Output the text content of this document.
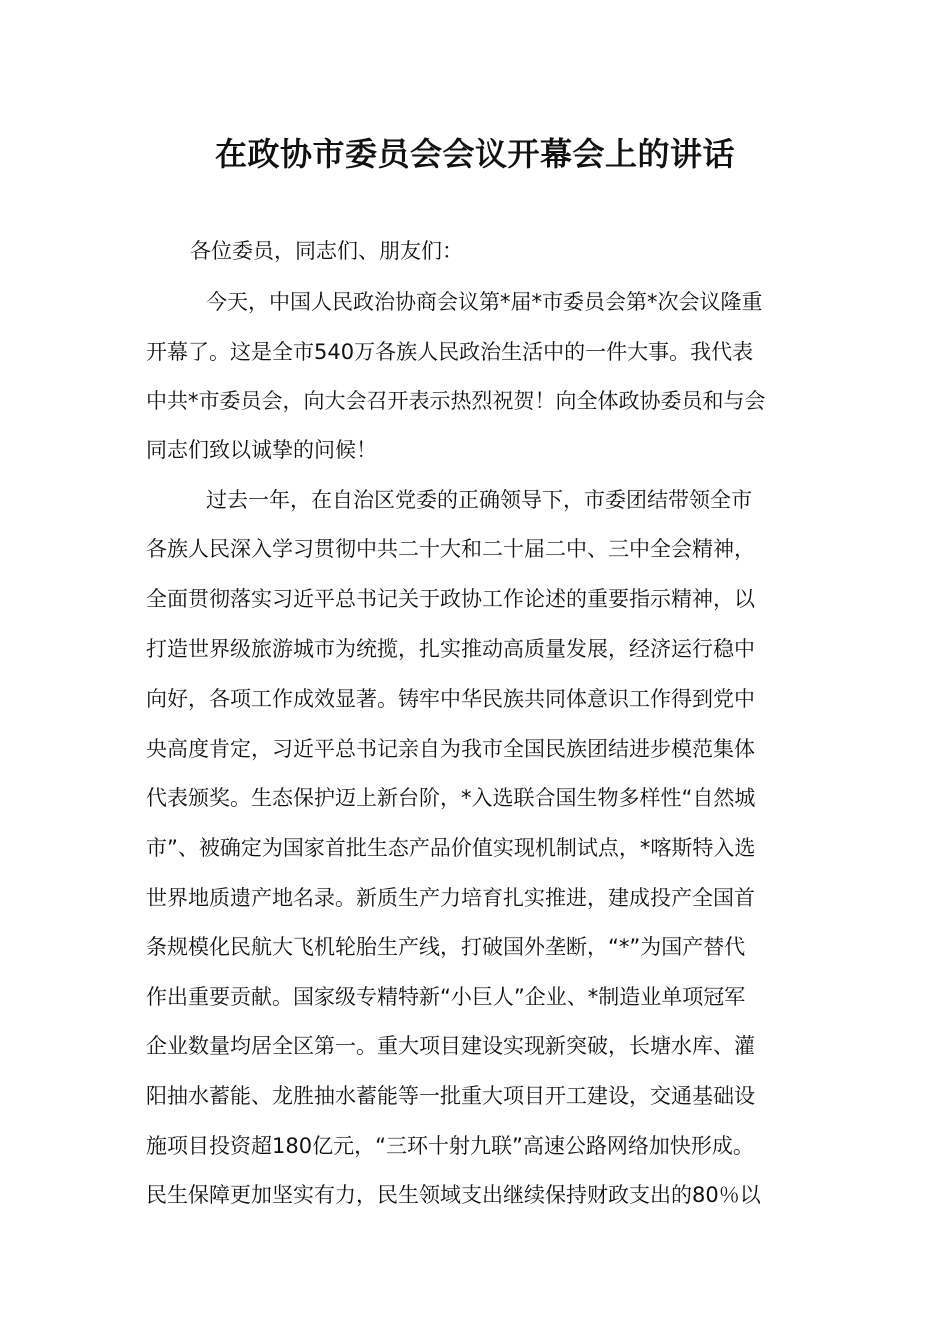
在政协市委员会会议开幕会上的讲话

各位委员，同志们、朋友们：

今天，中国人民政治协商会议第*届*市委员会第*次会议隆重

开幕了。这是全市540万各族人民政治生活中的一件大事。我代表

中共*市委员会，向大会召开表示热烈祝贺！向全体政协委员和与会

同志们致以诚挚的问候！

过去一年，在自治区党委的正确领导下，市委团结带领全市

各族人民深入学习贯彻中共二十大和二十届二中、三中全会精神，

全面贯彻落实习近平总书记关于政协工作论述的重要指示精神，以

打造世界级旅游城市为统揽，扎实推动高质量发展，经济运行稳中

向好，各项工作成效显著。铸牢中华民族共同体意识工作得到党中

央高度肯定，习近平总书记亲自为我市全国民族团结进步模范集体

代表颁奖。生态保护迈上新台阶，*入选联合国生物多样性“自然城

市”、被确定为国家首批生态产品价值实现机制试点，*喀斯特入选

世界地质遗产地名录。新质生产力培育扎实推进，建成投产全国首

条规模化民航大飞机轮胎生产线，打破国外垄断，“*”为国产替代

作出重要贡献。国家级专精特新“小巨人”企业、*制造业单项冠军

企业数量均居全区第一。重大项目建设实现新突破，长塘水库、灌

阳抽水蓄能、龙胜抽水蓄能等一批重大项目开工建设，交通基础设

施项目投资超180亿元，“三环十射九联”高速公路网络加快形成。

民生保障更加坚实有力，民生领域支出继续保持财政支出的80％以
